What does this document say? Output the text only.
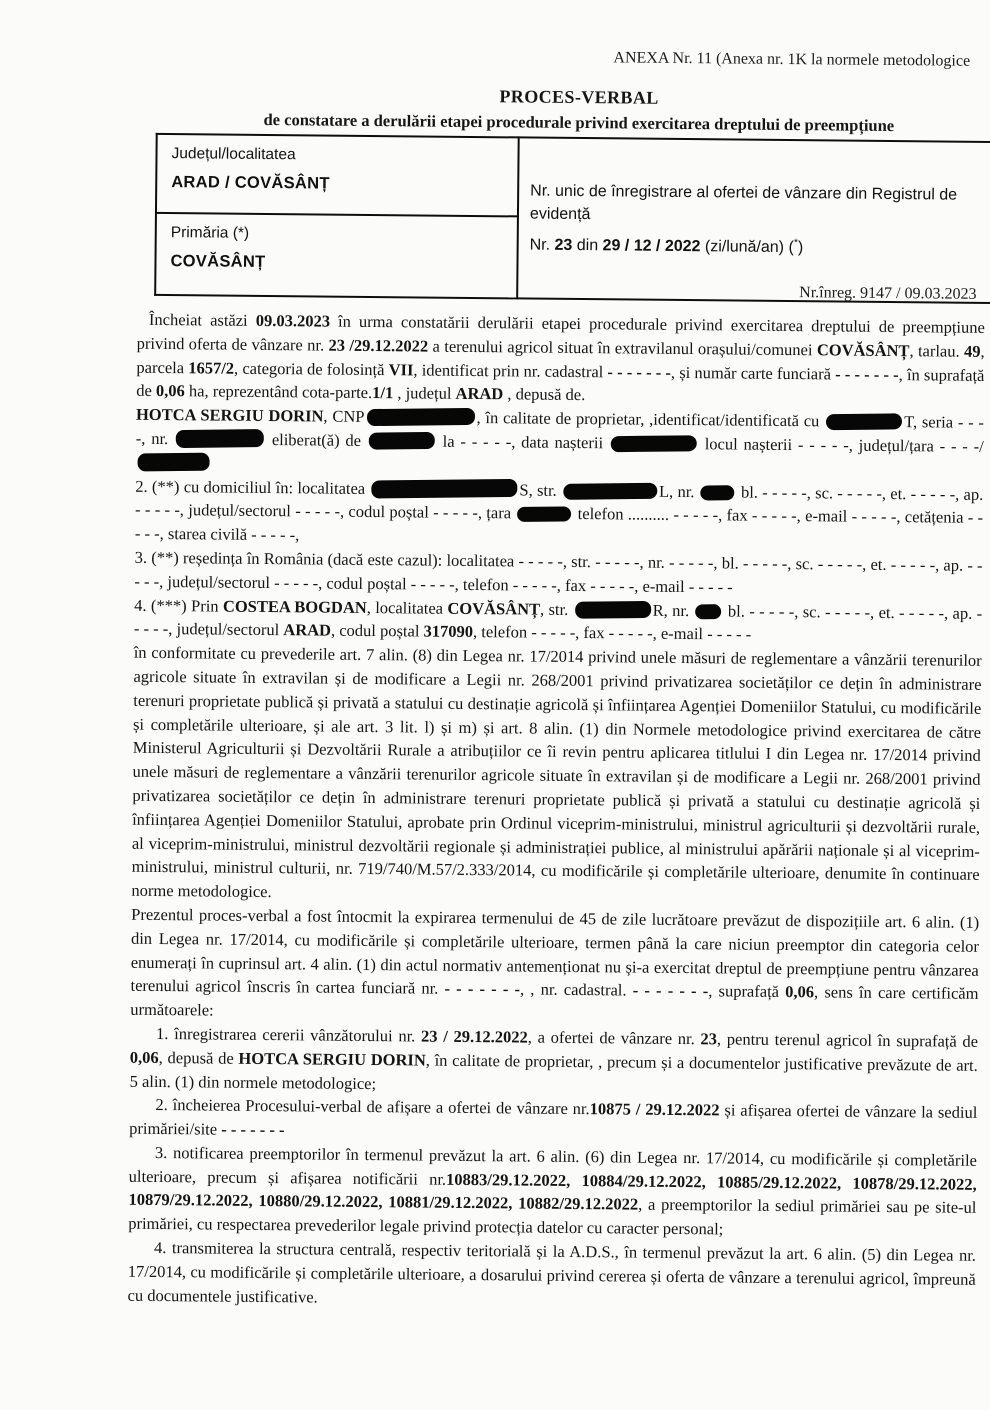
ANEXA Nr. 11 (Anexa nr. 1K la normele metodologice
PROCES-VERBAL
de constatare a derulării etapei procedurale privind exercitarea dreptului de preempțiune
Județul/localitatea
ARAD / COVĂSÂNȚ	Nr. unic de înregistrare al ofertei de vânzare din Registrul de evidență
Nr. 23 din 29 / 12 / 2022 (zi/lună/an) (*)

Primăria (*)
COVĂSÂNȚ
Nr.înreg. 9147 / 09.03.2023

Încheiat astăzi 09.03.2023 în urma constatării derulării etapei procedurale privind exercitarea dreptului de preempțiune privind oferta de vânzare nr. 23 /29.12.2022 a terenului agricol situat în extravilanul orașului/comunei COVĂSÂNȚ, tarlau. 49, parcela 1657/2, categoria de folosință VII, identificat prin nr. cadastral - - - - - - -, și număr carte funciară - - - - - - -, în suprafață de 0,06 ha, reprezentând cota-parte.1/1 , județul ARAD , depusă de.

HOTCA SERGIU DORIN, CNP	, în calitate de proprietar, ,identificat/identificată cu	T, seria - - - -, nr.	eliberat(ă) de	la - - - - -, data nașterii	locul nașterii - - - - -, județul/țara - - - -/

2. (**) cu domiciliul în: localitatea	S, str.	L, nr.  bl. - - - - -, sc. - - - - -, et. - - - - -, ap. - - - - -, județul/sectorul - - - - -, codul poștal - - - - -, țara	telefon .......... - - - - -, fax - - - - -, e-mail - - - - -, cetățenia - - - - -, starea civilă - - - - -,

3. (**) reședința în România (dacă este cazul): localitatea - - - - -, str. - - - - -, nr. - - - - -, bl. - - - - -, sc. - - - - -, et. - - - - -, ap. - - - - -, județul/sectorul - - - - -, codul poștal - - - - -, telefon - - - - -, fax - - - - -, e-mail - - - - -

4. (***) Prin COSTEA BOGDAN, localitatea COVĂSÂNȚ, str.	R, nr.  bl. - - - - -, sc. - - - - -, et. - - - - -, ap. - - - - -, județul/sectorul ARAD, codul poștal 317090, telefon - - - - -, fax - - - - -, e-mail - - - - -

în conformitate cu prevederile art. 7 alin. (8) din Legea nr. 17/2014 privind unele măsuri de reglementare a vânzării terenurilor agricole situate în extravilan și de modificare a Legii nr. 268/2001 privind privatizarea societăților ce dețin în administrare terenuri proprietate publică și privată a statului cu destinație agricolă și înființarea Agenției Domeniilor Statului, cu modificările și completările ulterioare, și ale art. 3 lit. l) și m) și art. 8 alin. (1) din Normele metodologice privind exercitarea de către Ministerul Agriculturii și Dezvoltării Rurale a atribuțiilor ce îi revin pentru aplicarea titlului I din Legea nr. 17/2014 privind unele măsuri de reglementare a vânzării terenurilor agricole situate în extravilan și de modificare a Legii nr. 268/2001 privind privatizarea societăților ce dețin în administrare terenuri proprietate publică și privată a statului cu destinație agricolă și înființarea Agenției Domeniilor Statului, aprobate prin Ordinul viceprim-ministrului, ministrul agriculturii și dezvoltării rurale, al viceprim-ministrului, ministrul dezvoltării regionale și administrației publice, al ministrului apărării naționale și al viceprim-ministrului, ministrul culturii, nr. 719/740/M.57/2.333/2014, cu modificările și completările ulterioare, denumite în continuare norme metodologice.

Prezentul proces-verbal a fost întocmit la expirarea termenului de 45 de zile lucrătoare prevăzut de dispozițiile art. 6 alin. (1) din Legea nr. 17/2014, cu modificările și completările ulterioare, termen până la care niciun preemptor din categoria celor enumerați în cuprinsul art. 4 alin. (1) din actul normativ antemenționat nu și-a exercitat dreptul de preempțiune pentru vânzarea terenului agricol înscris în cartea funciară nr. - - - - - - -, , nr. cadastral. - - - - - - -, suprafață 0,06, sens în care certificăm următoarele:

1. înregistrarea cererii vânzătorului nr. 23 / 29.12.2022, a ofertei de vânzare nr. 23, pentru terenul agricol în suprafață de 0,06, depusă de HOTCA SERGIU DORIN, în calitate de proprietar, , precum și a documentelor justificative prevăzute de art. 5 alin. (1) din normele metodologice;

2. încheierea Procesului-verbal de afișare a ofertei de vânzare nr.10875 / 29.12.2022 și afișarea ofertei de vânzare la sediul primăriei/site - - - - - - -

3. notificarea preemptorilor în termenul prevăzut la art. 6 alin. (6) din Legea nr. 17/2014, cu modificările și completările ulterioare, precum și afișarea notificării nr.10883/29.12.2022, 10884/29.12.2022, 10885/29.12.2022, 10878/29.12.2022, 10879/29.12.2022, 10880/29.12.2022, 10881/29.12.2022, 10882/29.12.2022, a preemptorilor la sediul primăriei sau pe site-ul primăriei, cu respectarea prevederilor legale privind protecția datelor cu caracter personal;

4. transmiterea la structura centrală, respectiv teritorială și la A.D.S., în termenul prevăzut la art. 6 alin. (5) din Legea nr. 17/2014, cu modificările și completările ulterioare, a dosarului privind cererea și oferta de vânzare a terenului agricol, împreună cu documentele justificative.
